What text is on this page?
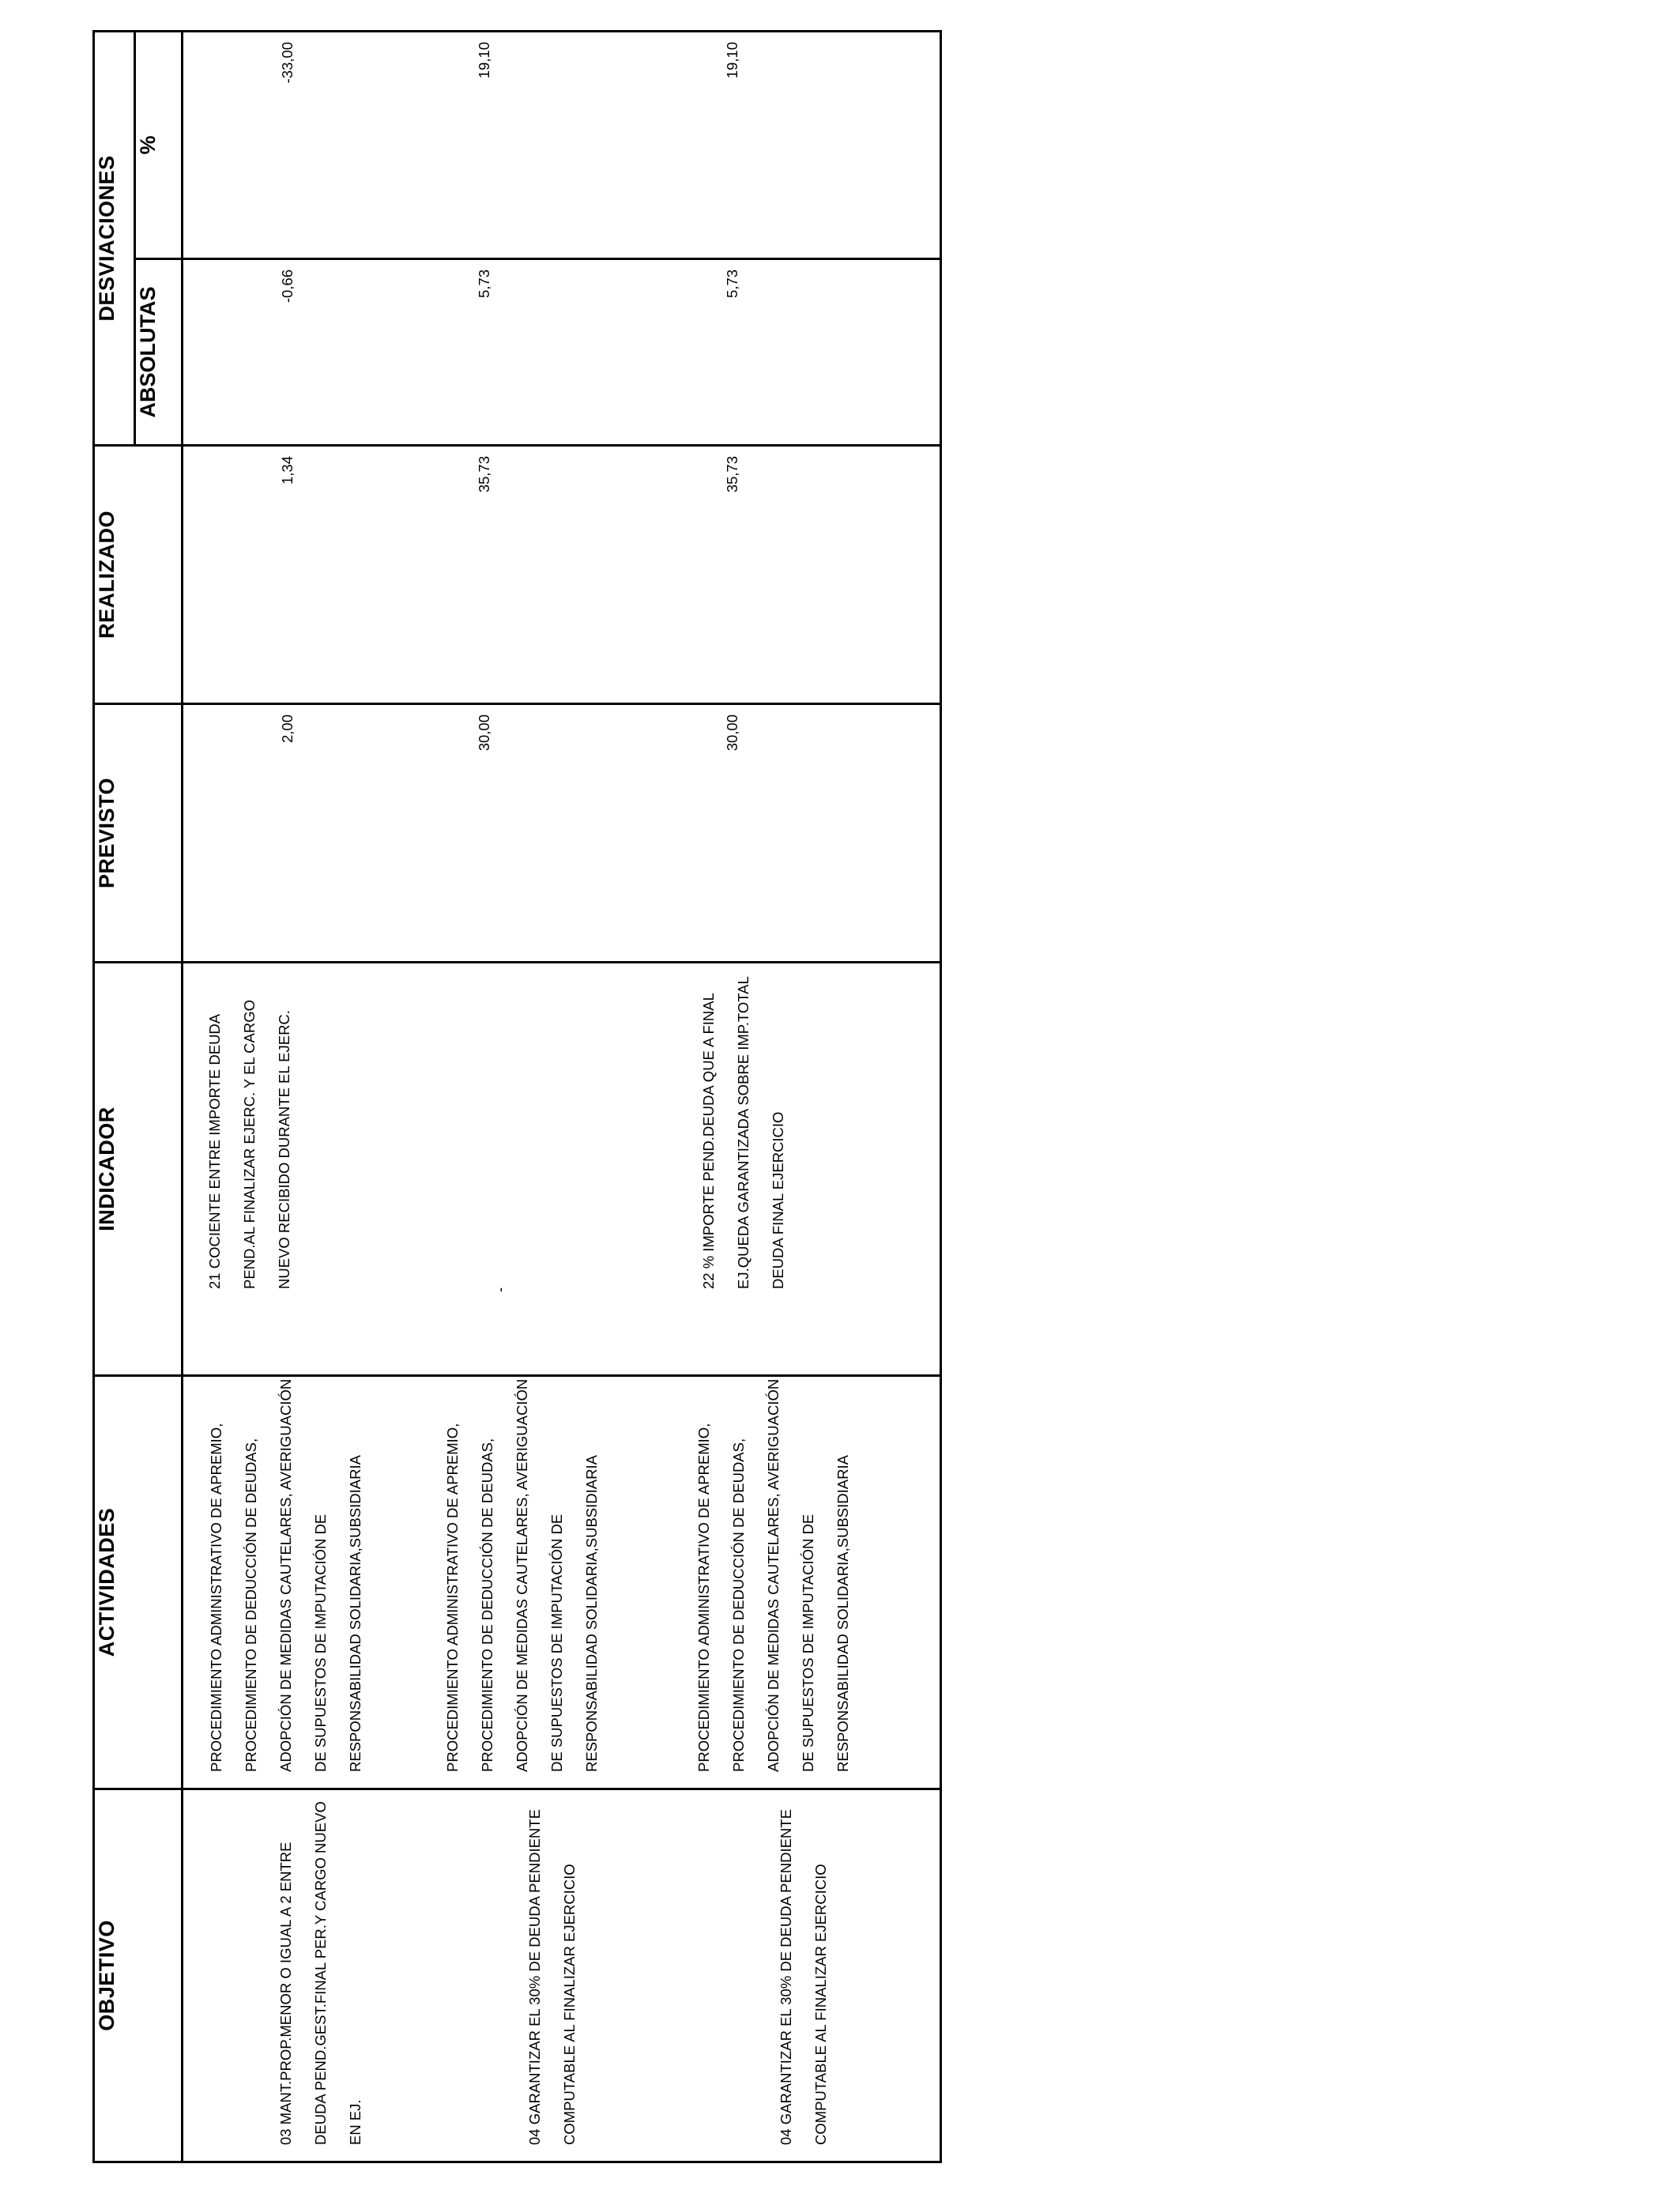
OBJETIVO	ACTIVIDADES	INDICADOR	PREVISTO	REALIZADO	DESVIACIONES	
					ABSOLUTAS	%

03 MANT.PROP.MENOR O IGUAL A 2 ENTRE DEUDA PEND.GEST.FINAL PER.Y CARGO NUEVO EN EJ.	PROCEDIMIENTO ADMINISTRATIVO DE APREMIO, PROCEDIMIENTO DE DEDUCCIÓN DE DEUDAS, ADOPCIÓN DE MEDIDAS CAUTELARES, AVERIGUACIÓN DE SUPUESTOS DE IMPUTACIÓN DE RESPONSABILIDAD SOLIDARIA,SUBSIDIARIA	21 COCIENTE ENTRE IMPORTE DEUDA PEND.AL FINALIZAR EJERC. Y EL CARGO NUEVO RECIBIDO DURANTE EL EJERC.	2,00	1,34	-0,66	-33,00

04 GARANTIZAR EL 30% DE DEUDA PENDIENTE COMPUTABLE AL FINALIZAR EJERCICIO	PROCEDIMIENTO ADMINISTRATIVO DE APREMIO, PROCEDIMIENTO DE DEDUCCIÓN DE DEUDAS, ADOPCIÓN DE MEDIDAS CAUTELARES, AVERIGUACIÓN DE SUPUESTOS DE IMPUTACIÓN DE RESPONSABILIDAD SOLIDARIA,SUBSIDIARIA	-	30,00	35,73	5,73	19,10

04 GARANTIZAR EL 30% DE DEUDA PENDIENTE COMPUTABLE AL FINALIZAR EJERCICIO	PROCEDIMIENTO ADMINISTRATIVO DE APREMIO, PROCEDIMIENTO DE DEDUCCIÓN DE DEUDAS, ADOPCIÓN DE MEDIDAS CAUTELARES, AVERIGUACIÓN DE SUPUESTOS DE IMPUTACIÓN DE RESPONSABILIDAD SOLIDARIA,SUBSIDIARIA	22 % IMPORTE PEND.DEUDA QUE A FINAL EJ.QUEDA GARANTIZADA SOBRE IMP.TOTAL DEUDA FINAL EJERCICIO	30,00	35,73	5,73	19,10
